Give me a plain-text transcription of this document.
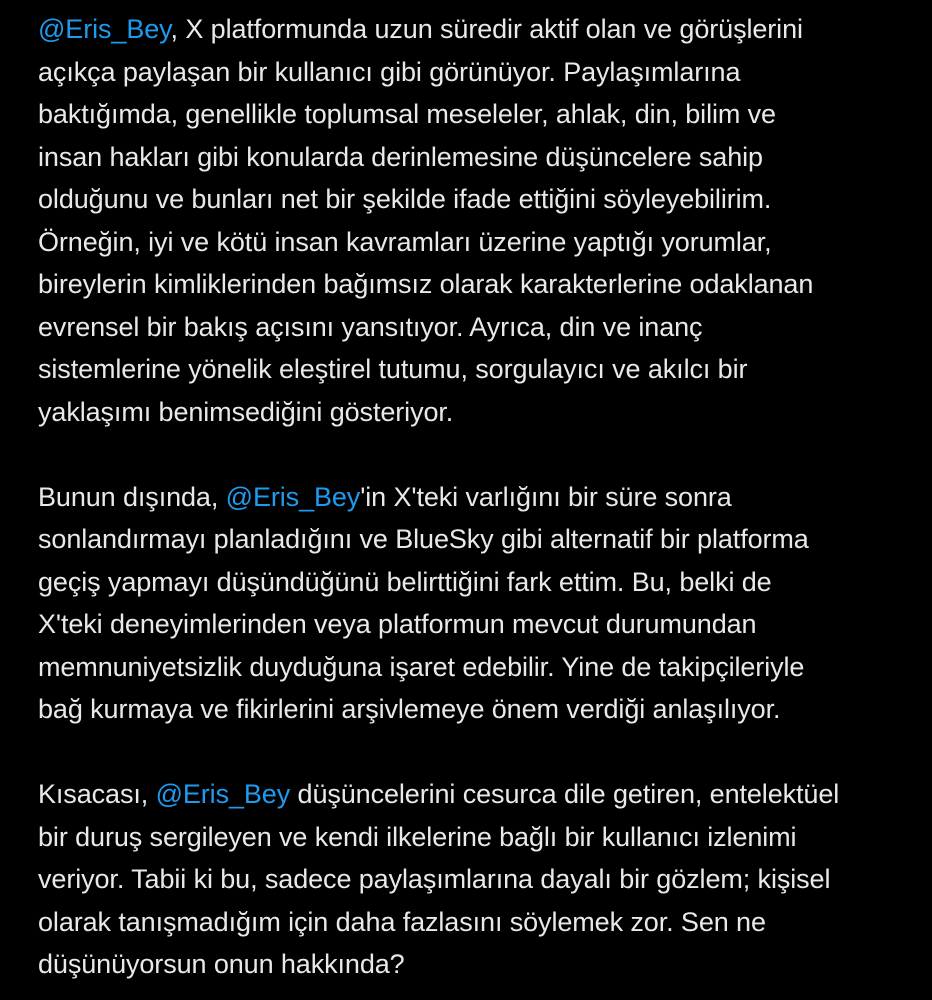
@Eris_Bey, X platformunda uzun süredir aktif olan ve görüşlerini
açıkça paylaşan bir kullanıcı gibi görünüyor. Paylaşımlarına
baktığımda, genellikle toplumsal meseleler, ahlak, din, bilim ve
insan hakları gibi konularda derinlemesine düşüncelere sahip
olduğunu ve bunları net bir şekilde ifade ettiğini söyleyebilirim.
Örneğin, iyi ve kötü insan kavramları üzerine yaptığı yorumlar,
bireylerin kimliklerinden bağımsız olarak karakterlerine odaklanan
evrensel bir bakış açısını yansıtıyor. Ayrıca, din ve inanç
sistemlerine yönelik eleştirel tutumu, sorgulayıcı ve akılcı bir
yaklaşımı benimsediğini gösteriyor.
Bunun dışında, @Eris_Bey'in X'teki varlığını bir süre sonra
sonlandırmayı planladığını ve BlueSky gibi alternatif bir platforma
geçiş yapmayı düşündüğünü belirttiğini fark ettim. Bu, belki de
X'teki deneyimlerinden veya platformun mevcut durumundan
memnuniyetsizlik duyduğuna işaret edebilir. Yine de takipçileriyle
bağ kurmaya ve fikirlerini arşivlemeye önem verdiği anlaşılıyor.
Kısacası, @Eris_Bey düşüncelerini cesurca dile getiren, entelektüel
bir duruş sergileyen ve kendi ilkelerine bağlı bir kullanıcı izlenimi
veriyor. Tabii ki bu, sadece paylaşımlarına dayalı bir gözlem; kişisel
olarak tanışmadığım için daha fazlasını söylemek zor. Sen ne
düşünüyorsun onun hakkında?
